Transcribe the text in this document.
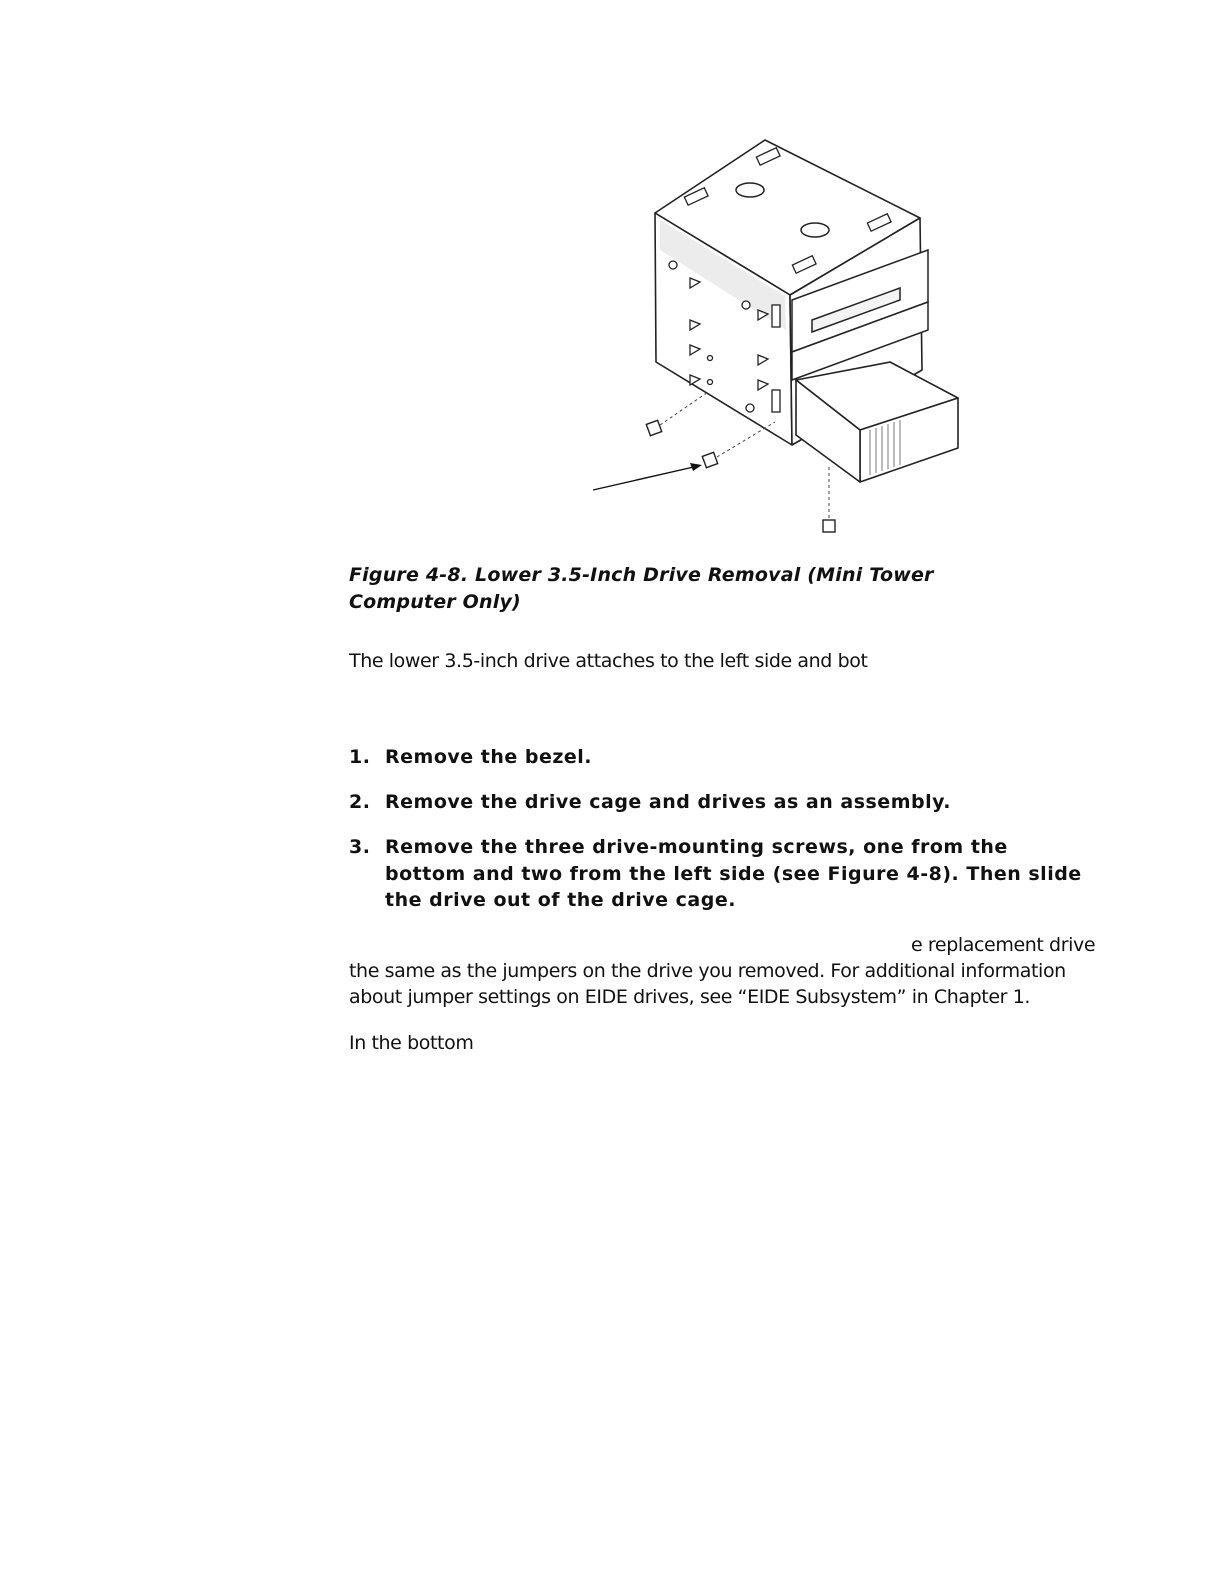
Figure 4-8. Lower 3.5-Inch Drive Removal (Mini Tower Computer Only)
The lower 3.5-inch drive attaches to the left side and bot
1. Remove the bezel.
2. Remove the drive cage and drives as an assembly.
3. Remove the three drive-mounting screws, one from the bottom and two from the left side (see Figure 4-8). Then slide the drive out of the drive cage.
e replacement drive
the same as the jumpers on the drive you removed. For additional information
about jumper settings on EIDE drives, see “EIDE Subsystem” in Chapter 1.
In the bottom
